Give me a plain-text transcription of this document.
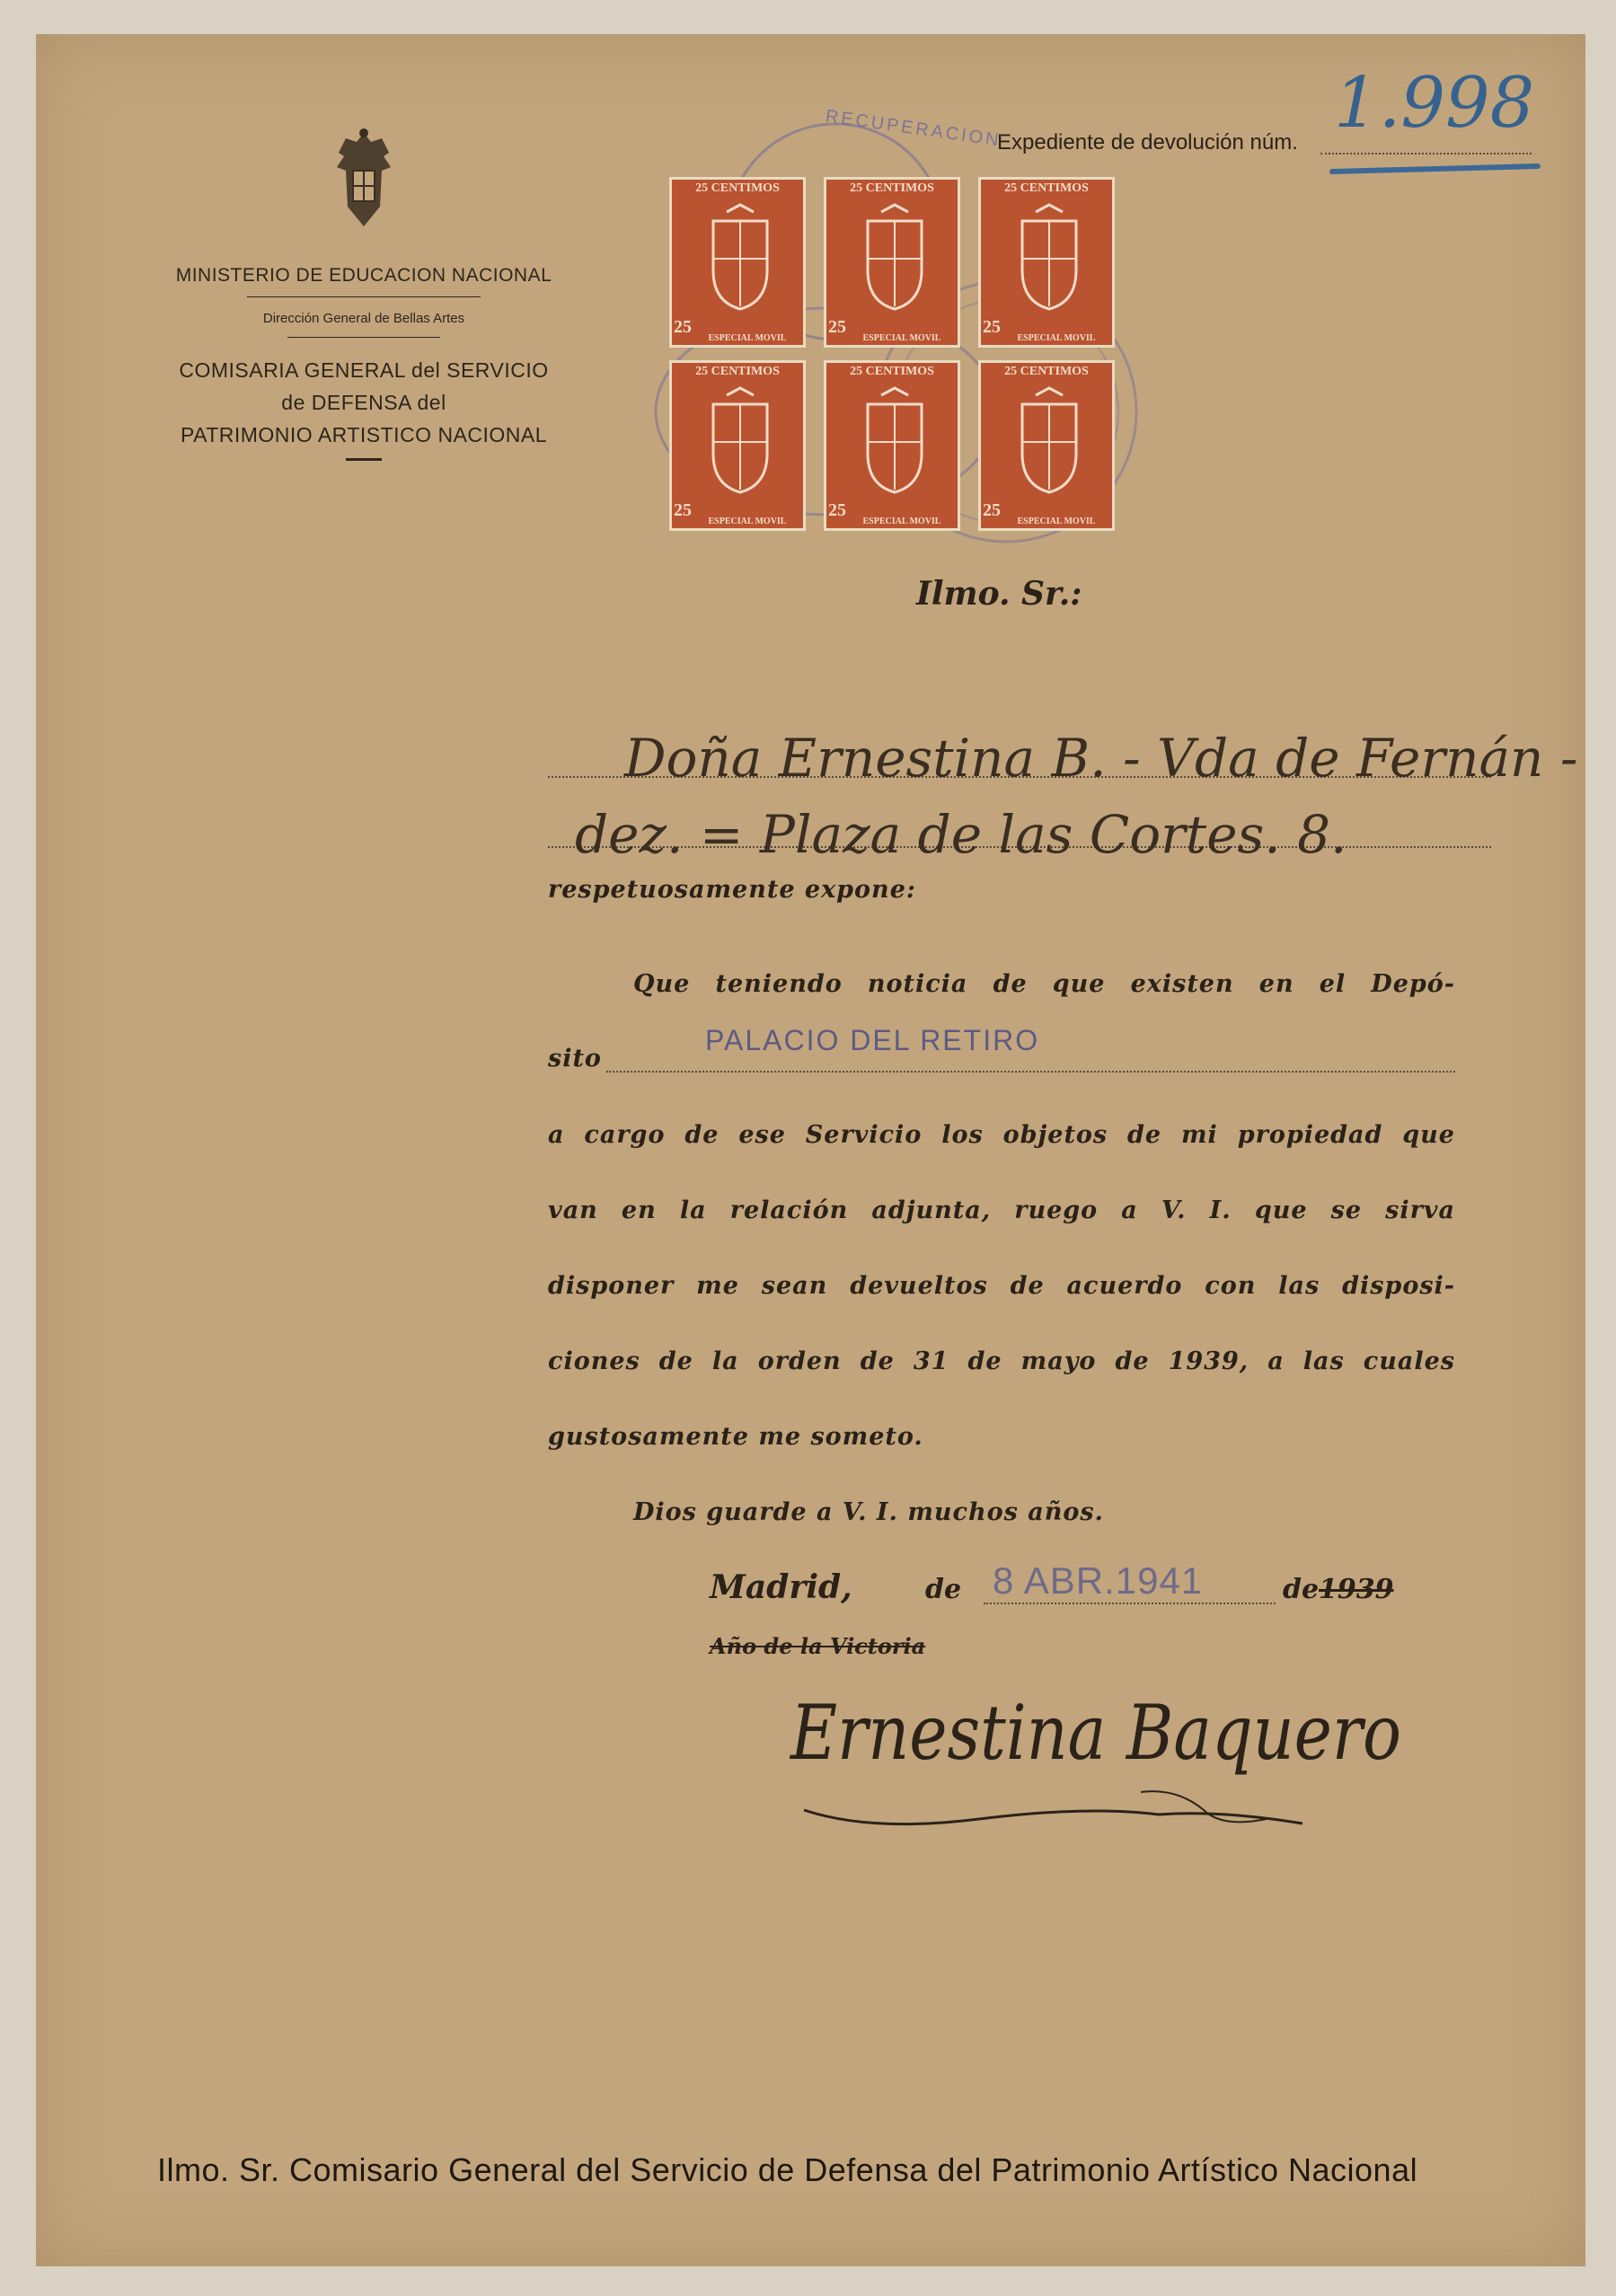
MINISTERIO DE EDUCACION NACIONAL
Dirección General de Bellas Artes
COMISARIA GENERAL del SERVICIO
de DEFENSA del
PATRIMONIO ARTISTICO NACIONAL
RECUPERACION
25 CENTIMOS
25
ESPECIAL MOVIL
25 CENTIMOS
25
ESPECIAL MOVIL
25 CENTIMOS
25
ESPECIAL MOVIL
25 CENTIMOS
25
ESPECIAL MOVIL
25 CENTIMOS
25
ESPECIAL MOVIL
25 CENTIMOS
25
ESPECIAL MOVIL
Expediente de devolución núm. 1.998
Ilmo. Sr.:
Doña Ernestina B. - Vda de Fernán -
dez. = Plaza de las Cortes. 8.
respetuosamente expone:
Que teniendo noticia de que existen en el Depó-
sito
PALACIO DEL RETIRO
a cargo de ese Servicio los objetos de mi propiedad que
van en la relación adjunta, ruego a V. I. que se sirva
disponer me sean devueltos de acuerdo con las disposi-
ciones de la orden de 31 de mayo de 1939, a las cuales
gustosamente me someto.
Dios guarde a V. I. muchos años.
Madrid,	de 8 ABR.1941	de 1939
Año de la Victoria
Ernestina Baquero
Ilmo. Sr. Comisario General del Servicio de Defensa del Patrimonio Artístico Nacional
